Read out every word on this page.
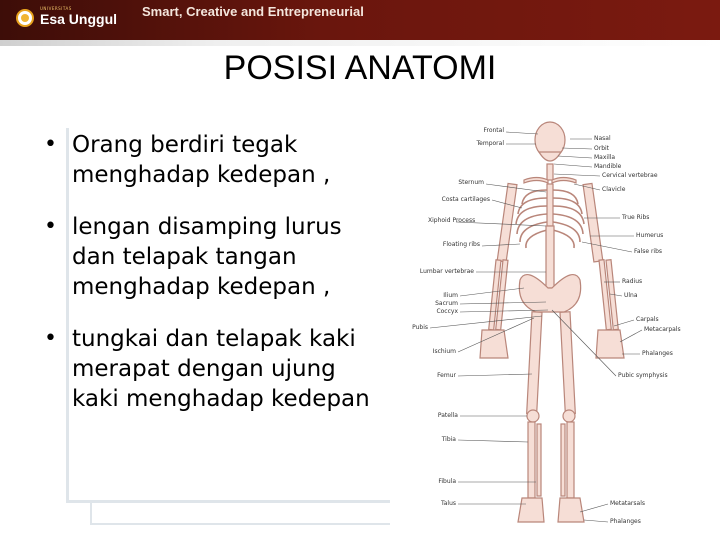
UNIVERSITAS
Esa Unggul Smart, Creative and Entrepreneurial
POSISI ANATOMI
• Orang berdiri tegak menghadap kedepan ,
• lengan disamping lurus dan telapak tangan menghadap kedepan ,
• tungkai dan telapak kaki merapat dengan ujung kaki menghadap kedepan
Frontal
Temporal
Sternum
Costa cartilages
Xiphoid Process
Floating ribs
Lumbar vertebrae
Ilium
Sacrum
Coccyx
Pubis
Ischium
Femur
Patella
Tibia
Fibula
Talus
Nasal
Orbit
Maxilla
Mandible
Cervical vertebrae
Clavicle
True Ribs
Humerus
False ribs
Radius
Ulna
Carpals
Metacarpals
Phalanges
Pubic symphysis
Metatarsals
Phalanges
